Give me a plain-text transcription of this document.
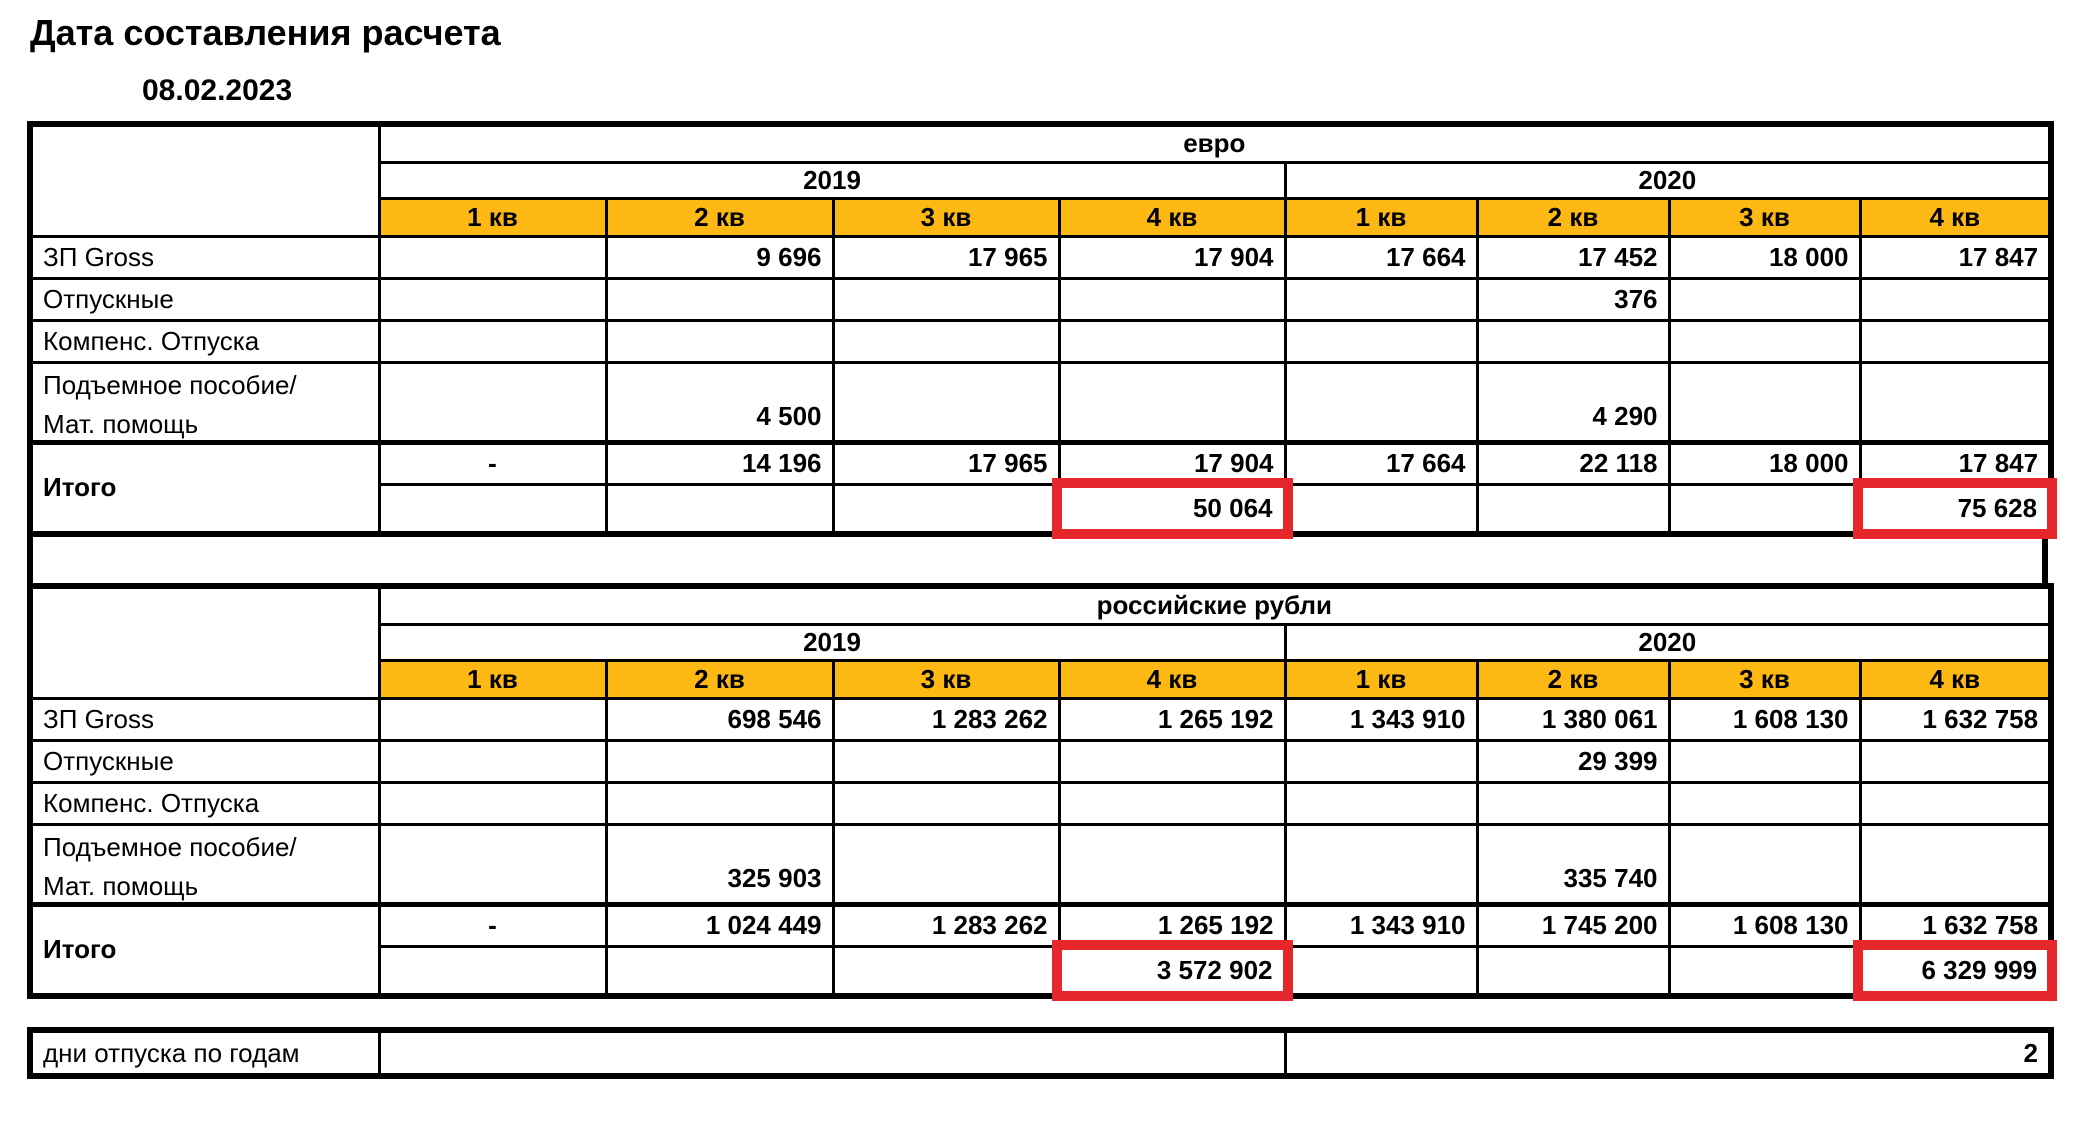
Дата составления расчета
08.02.2023
	евро							
	2019				2020			
	1 кв	2 кв	3 кв	4 кв	1 кв	2 кв	3 кв	4 кв
ЗП Gross		9 696	17 965	17 904	17 664	17 452	18 000	17 847
Отпускные						376		
Компенс. Отпуска								

Подъемное пособие/
Мат. помощь		4 500				4 290		
Итого	-	14 196	17 965	17 904	17 664	22 118	18 000	17 847

				50 064				75 628
	российские рубли							
	2019				2020			
	1 кв	2 кв	3 кв	4 кв	1 кв	2 кв	3 кв	4 кв
ЗП Gross		698 546	1 283 262	1 265 192	1 343 910	1 380 061	1 608 130	1 632 758
Отпускные						29 399		
Компенс. Отпуска								

Подъемное пособие/
Мат. помощь		325 903				335 740		
Итого	-	1 024 449	1 283 262	1 265 192	1 343 910	1 745 200	1 608 130	1 632 758

				3 572 902				6 329 999
дни отпуска по годам		2
